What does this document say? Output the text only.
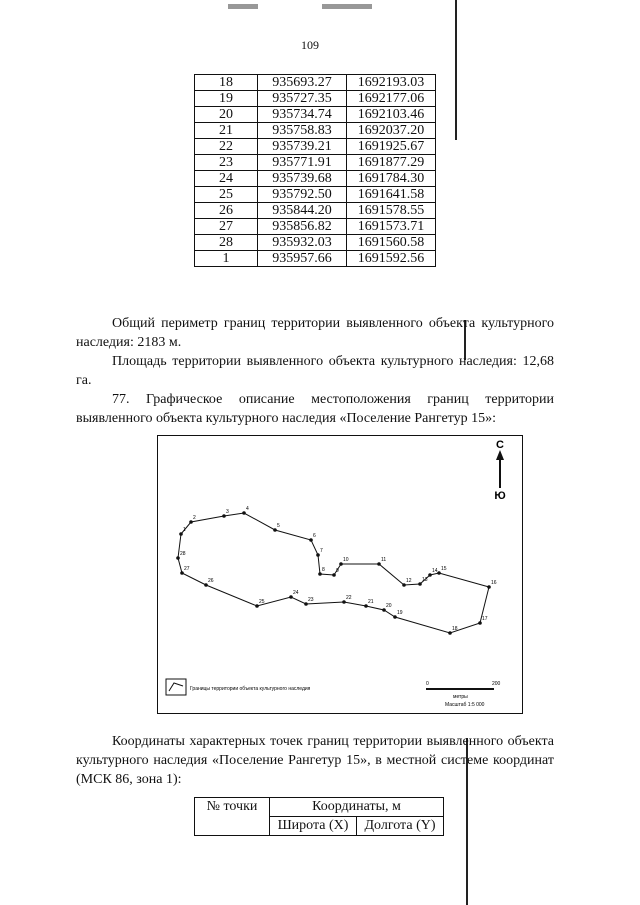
109
18	935693.27	1692193.03
19	935727.35	1692177.06
20	935734.74	1692103.46
21	935758.83	1692037.20
22	935739.21	1691925.67
23	935771.91	1691877.29
24	935739.68	1691784.30
25	935792.50	1691641.58
26	935844.20	1691578.55
27	935856.82	1691573.71
28	935932.03	1691560.58
1	935957.66	1691592.56
Общий периметр границ территории выявленного объекта культурного наследия: 2183 м.
Площадь территории выявленного объекта культурного наследия: 12,68 га.
77. Графическое описание местоположения границ территории выявленного объекта культурного наследия «Поселение Рангетур 15»:
С
Ю
1
2
3	4
5
6
7
8 9
10	11
12 13
14 15
16
17
18
19
20
21
22
23
24
25
26
27
28
Границы территории объекта культурного наследия
0	200
метры
Масштаб 1:5 000
Координаты характерных точек границ территории выявленного объекта культурного наследия «Поселение Рангетур 15», в местной системе координат (МСК 86, зона 1):
№ точки	Координаты, м	
	Широта (X)	Долгота (Y)
